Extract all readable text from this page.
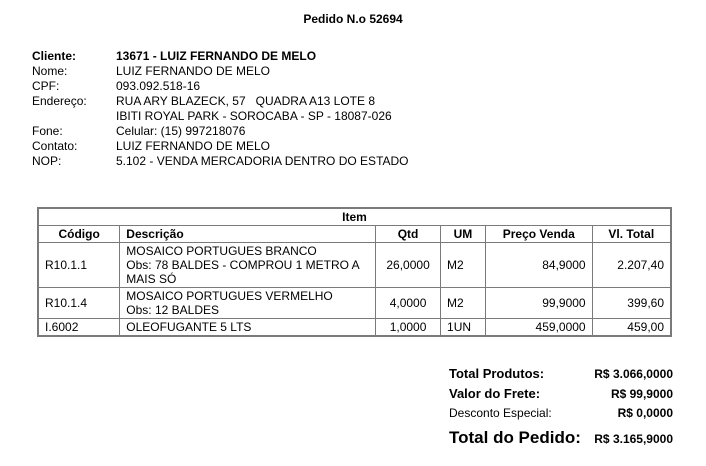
Pedido N.o 52694
Cliente:	13671 - LUIZ FERNANDO DE MELO
Nome:	LUIZ FERNANDO DE MELO
CPF:	093.092.518-16
Endereço:	RUA ARY BLAZECK, 57   QUADRA A13 LOTE 8
IBITI ROYAL PARK - SOROCABA - SP - 18087-026
Fone:	Celular: (15) 997218076
Contato:	LUIZ FERNANDO DE MELO
NOP:	5.102 - VENDA MERCADORIA DENTRO DO ESTADO
Item					
Código	Descrição	Qtd	UM	Preço Venda	Vl. Total
R10.1.1	MOSAICO PORTUGUES BRANCO
Obs: 78 BALDES - COMPROU 1 METRO A MAIS SÓ	26,0000	M2	84,9000	2.207,40
R10.1.4	MOSAICO PORTUGUES VERMELHO
Obs: 12 BALDES	4,0000	M2	99,9000	399,60
I.6002	OLEOFUGANTE 5 LTS	1,0000	1UN	459,0000	459,00
Total Produtos:	R$ 3.066,0000
Valor do Frete:	R$ 99,9000
Desconto Especial:	R$ 0,0000
Total do Pedido: R$ 3.165,9000
